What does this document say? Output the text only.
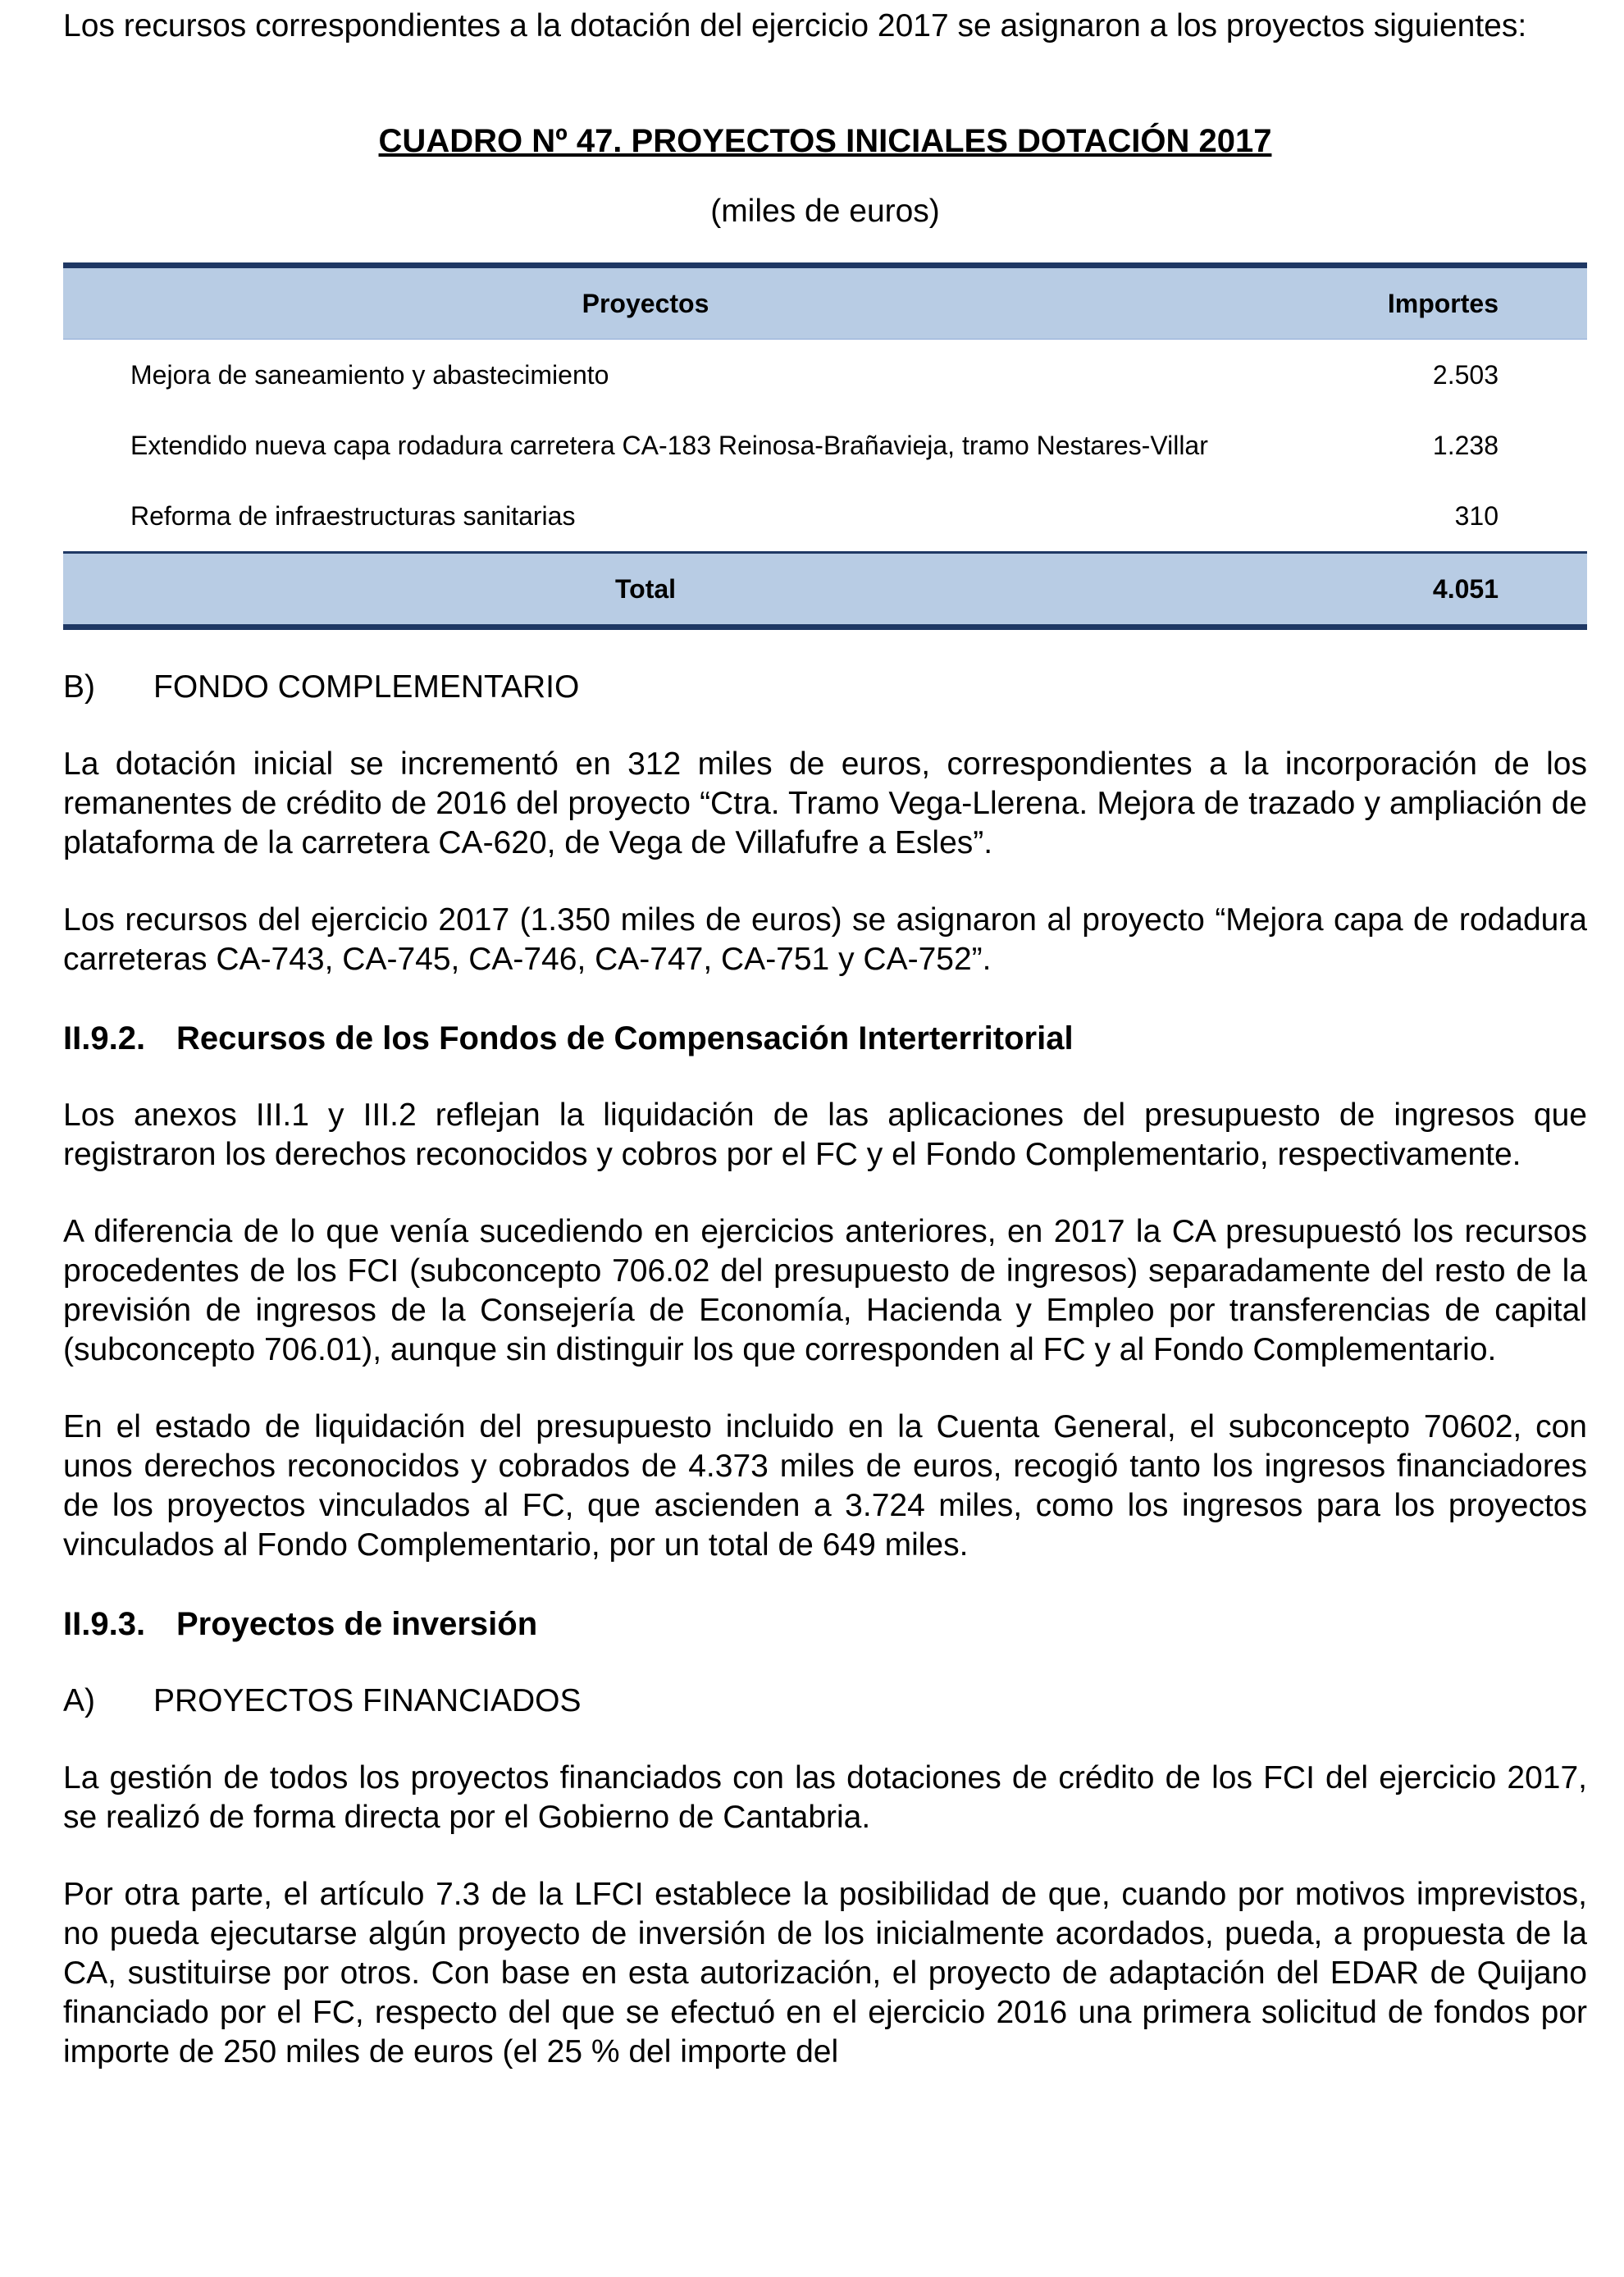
Los recursos correspondientes a la dotación del ejercicio 2017 se asignaron a los proyectos siguientes:

CUADRO Nº 47. PROYECTOS INICIALES DOTACIÓN 2017

(miles de euros)

Proyectos	Importes
Mejora de saneamiento y abastecimiento	2.503
Extendido nueva capa rodadura carretera CA-183 Reinosa-Brañavieja, tramo Nestares-Villar	1.238
Reforma de infraestructuras sanitarias	310
Total	4.051

B) FONDO COMPLEMENTARIO

La dotación inicial se incrementó en 312 miles de euros, correspondientes a la incorporación de los remanentes de crédito de 2016 del proyecto “Ctra. Tramo Vega-Llerena. Mejora de trazado y ampliación de plataforma de la carretera CA-620, de Vega de Villafufre a Esles”.

Los recursos del ejercicio 2017 (1.350 miles de euros) se asignaron al proyecto “Mejora capa de rodadura carreteras CA-743, CA-745, CA-746, CA-747, CA-751 y CA-752”.

II.9.2. Recursos de los Fondos de Compensación Interterritorial

Los anexos III.1 y III.2 reflejan la liquidación de las aplicaciones del presupuesto de ingresos que registraron los derechos reconocidos y cobros por el FC y el Fondo Complementario, respectivamente.

A diferencia de lo que venía sucediendo en ejercicios anteriores, en 2017 la CA presupuestó los recursos procedentes de los FCI (subconcepto 706.02 del presupuesto de ingresos) separadamente del resto de la previsión de ingresos de la Consejería de Economía, Hacienda y Empleo por transferencias de capital (subconcepto 706.01), aunque sin distinguir los que corresponden al FC y al Fondo Complementario.

En el estado de liquidación del presupuesto incluido en la Cuenta General, el subconcepto 70602, con unos derechos reconocidos y cobrados de 4.373 miles de euros, recogió tanto los ingresos financiadores de los proyectos vinculados al FC, que ascienden a 3.724 miles, como los ingresos para los proyectos vinculados al Fondo Complementario, por un total de 649 miles.

II.9.3. Proyectos de inversión

A) PROYECTOS FINANCIADOS

La gestión de todos los proyectos financiados con las dotaciones de crédito de los FCI del ejercicio 2017, se realizó de forma directa por el Gobierno de Cantabria.

Por otra parte, el artículo 7.3 de la LFCI establece la posibilidad de que, cuando por motivos imprevistos, no pueda ejecutarse algún proyecto de inversión de los inicialmente acordados, pueda, a propuesta de la CA, sustituirse por otros. Con base en esta autorización, el proyecto de adaptación del EDAR de Quijano financiado por el FC, respecto del que se efectuó en el ejercicio 2016 una primera solicitud de fondos por importe de 250 miles de euros (el 25 % del importe del
